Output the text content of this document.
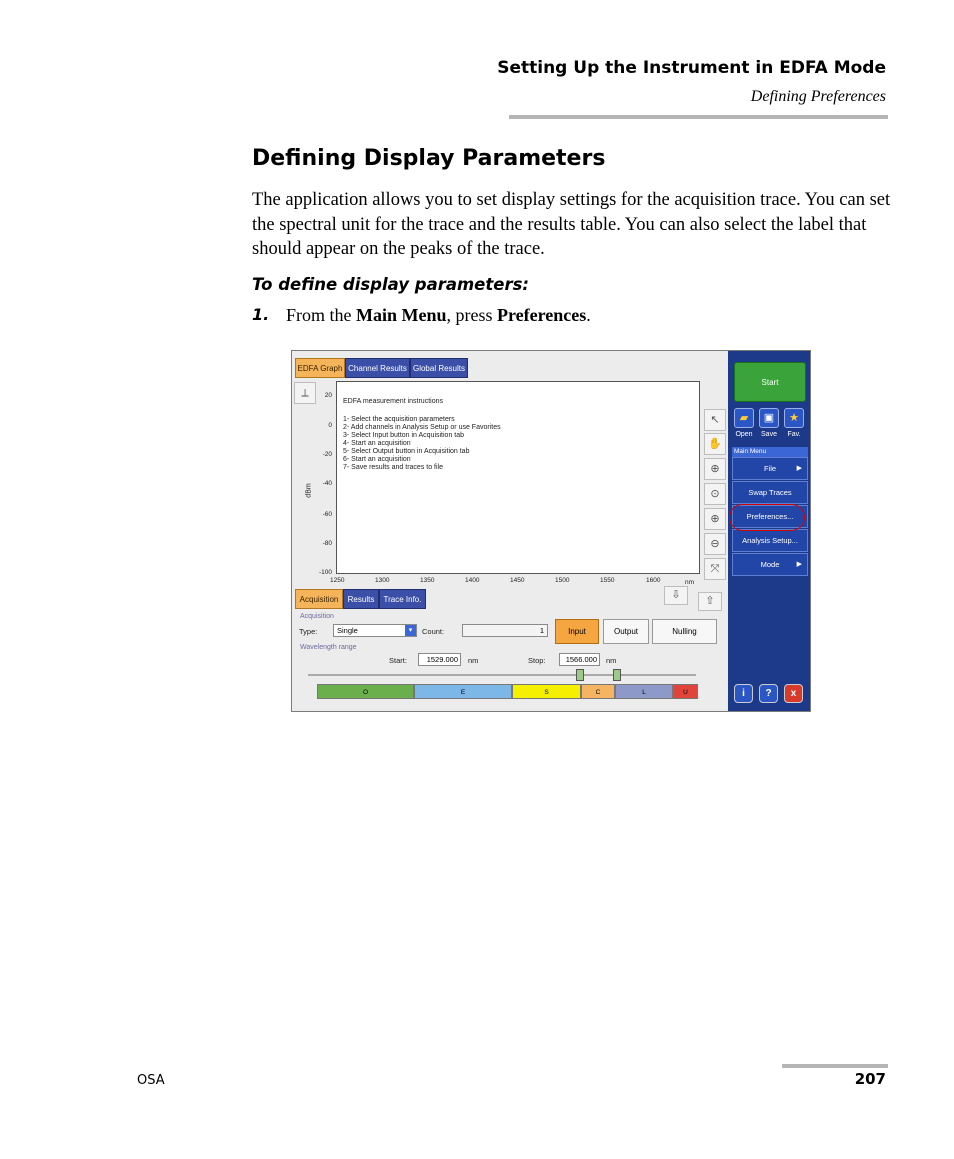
Setting Up the Instrument in EDFA Mode
Defining Preferences
Defining Display Parameters
The application allows you to set display settings for the acquisition trace. You can set the spectral unit for the trace and the results table. You can also select the label that should appear on the peaks of the trace.
To define display parameters:
1. From the Main Menu, press Preferences.
EDFA Graph Channel Results Global Results
⟂
dBm
20
0
-20
-40
-60
-80
-100
EDFA measurement instructions
1- Select the acquisition parameters
2- Add channels in Analysis Setup or use Favorites
3- Select Input button in Acquisition tab
4- Start an acquisition
5- Select Output button in Acquisition tab
6- Start an acquisition
7- Save results and traces to file
1250	1300	1350	1400	1450	1500	1550	1600	nm
↖
✋
⊕
⊙
⊕
⊖
⤧
⇩	⇧
Acquisition	Results	Trace Info.
Acquisition
Type:	Single	▾	Count:	1	Input	Output	Nulling
Wavelength range
Start:	1529.000	nm	Stop:	1566.000	nm
O	E	S	C	L	U
Start
▰	▣	★
Open	Save	Fav.
Main Menu
File	▶
Swap Traces
Preferences...
Analysis Setup...
Mode ▶
i	?	x
OSA	207
